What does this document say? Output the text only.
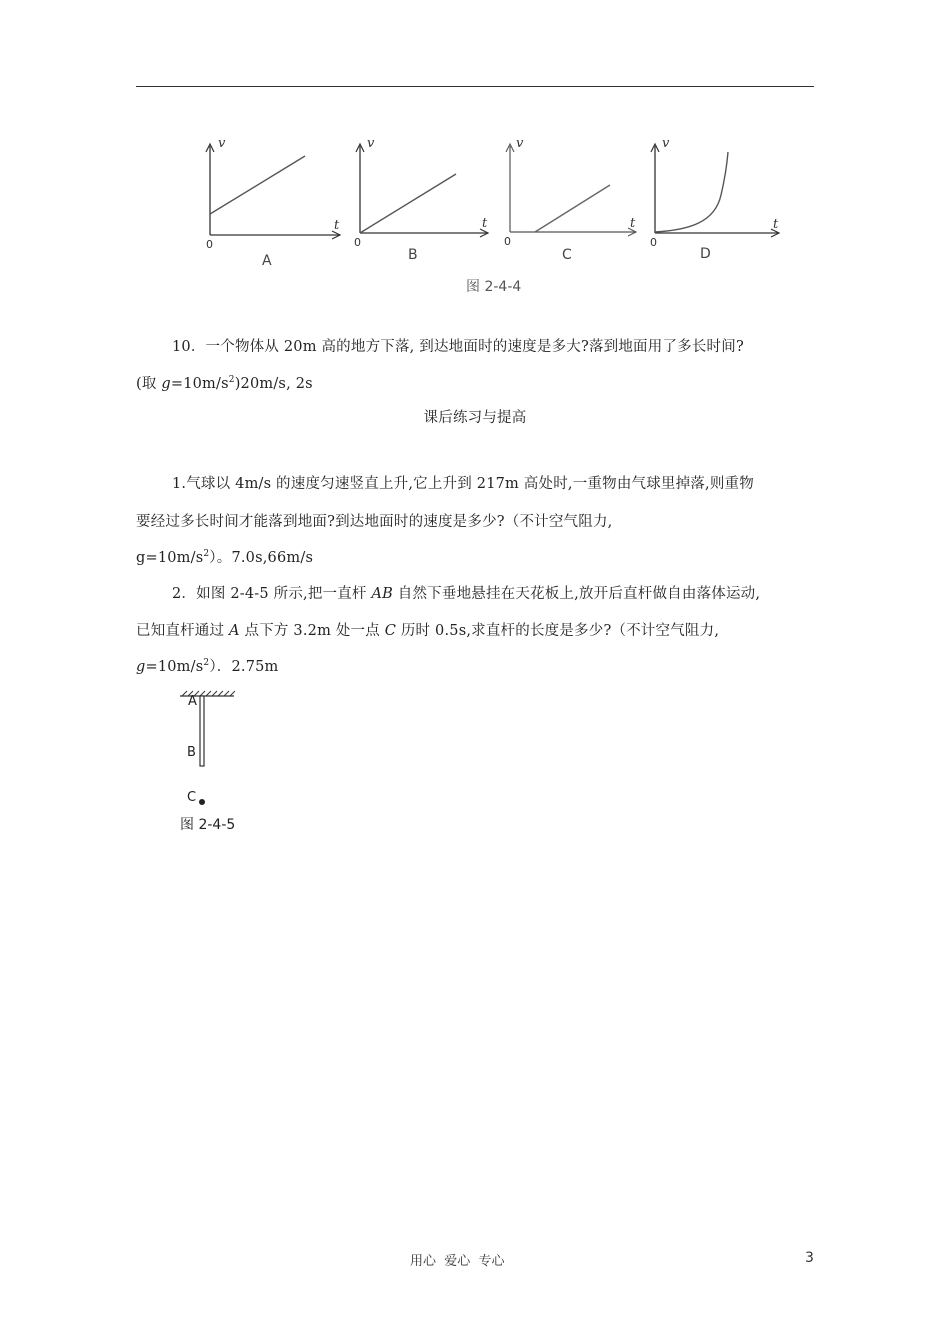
v
t
0
A
v
t
0
B
v
t
0
C
v
t
0
D
图 2-4-4
10．一个物体从 20m 高的地方下落, 到达地面时的速度是多大?落到地面用了多长时间?
(取 $g=10m/s^2)20m/s$, 2s
课后练习与提高
1.气球以 4m/s 的速度匀速竖直上升,它上升到 217m 高处时,一重物由气球里掉落,则重物
要经过多长时间才能落到地面?到达地面时的速度是多少?（不计空气阻力,
$g=10m/s^2$）。7.0s,66m/s
2．如图 2-4-5 所示,把一直杆 AB 自然下垂地悬挂在天花板上,放开后直杆做自由落体运动,
已知直杆通过 A 点下方 3.2m 处一点 C 历时 0.5s,求直杆的长度是多少?（不计空气阻力,
$g=10m/s^2$）．2.75m
A
B
C
图 2-4-5
用心  爱心  专心	3
